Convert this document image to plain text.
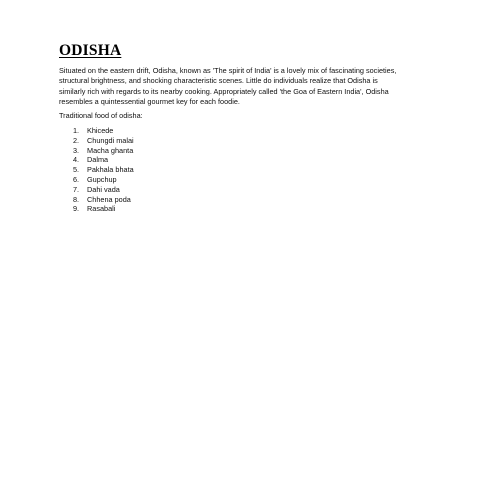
ODISHA

Situated on the eastern drift, Odisha, known as 'The spirit of India' is a lovely mix of fascinating societies,
structural brightness, and shocking characteristic scenes. Little do individuals realize that Odisha is
similarly rich with regards to its nearby cooking. Appropriately called 'the Goa of Eastern India', Odisha
resembles a quintessential gourmet key for each foodie.

Traditional food of odisha:

1. Khicede
2. Chungdi malai
3. Macha ghanta
4. Dalma
5. Pakhala bhata
6. Gupchup
7. Dahi vada
8. Chhena poda
9. Rasabali
